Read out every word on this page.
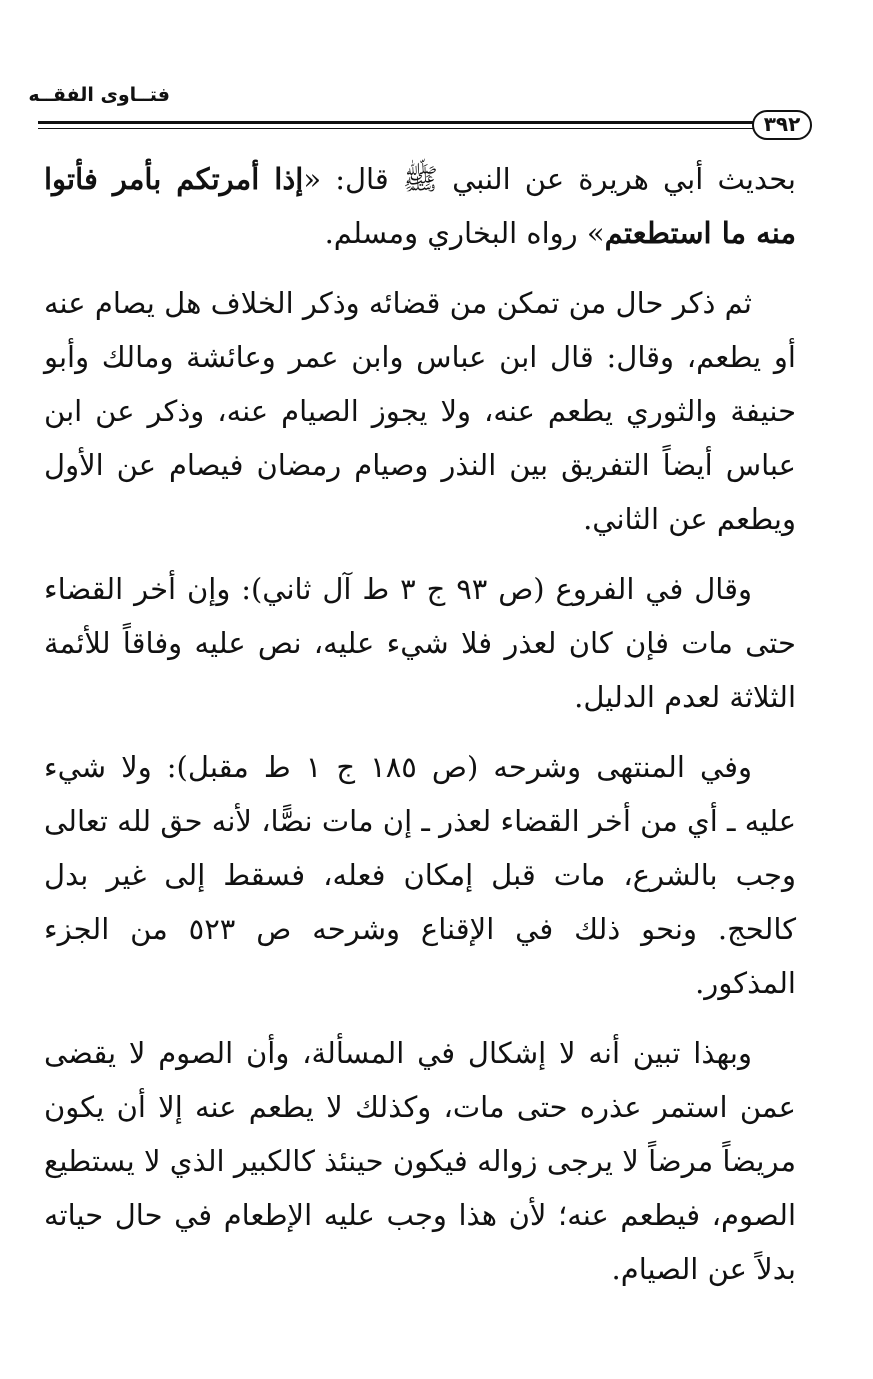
فتــاوى الفقــه
٣٩٢

بحديث أبي هريرة عن النبي ﷺ قال: «إذا أمرتكم بأمر فأتوا منه ما استطعتم» رواه البخاري ومسلم.

ثم ذكر حال من تمكن من قضائه وذكر الخلاف هل يصام عنه أو يطعم، وقال: قال ابن عباس وابن عمر وعائشة ومالك وأبو حنيفة والثوري يطعم عنه، ولا يجوز الصيام عنه، وذكر عن ابن عباس أيضاً التفريق بين النذر وصيام رمضان فيصام عن الأول ويطعم عن الثاني.

وقال في الفروع (ص ٩٣ ج ٣ ط آل ثاني): وإن أخر القضاء حتى مات فإن كان لعذر فلا شيء عليه، نص عليه وفاقاً للأئمة الثلاثة لعدم الدليل.

وفي المنتهى وشرحه (ص ١٨٥ ج ١ ط مقبل): ولا شيء عليه ـ أي من أخر القضاء لعذر ـ إن مات نصًّا، لأنه حق لله تعالى وجب بالشرع، مات قبل إمكان فعله، فسقط إلى غير بدل كالحج. ونحو ذلك في الإقناع وشرحه ص ٥٢٣ من الجزء المذكور.

وبهذا تبين أنه لا إشكال في المسألة، وأن الصوم لا يقضى عمن استمر عذره حتى مات، وكذلك لا يطعم عنه إلا أن يكون مريضاً مرضاً لا يرجى زواله فيكون حينئذ كالكبير الذي لا يستطيع الصوم، فيطعم عنه؛ لأن هذا وجب عليه الإطعام في حال حياته بدلاً عن الصيام.
